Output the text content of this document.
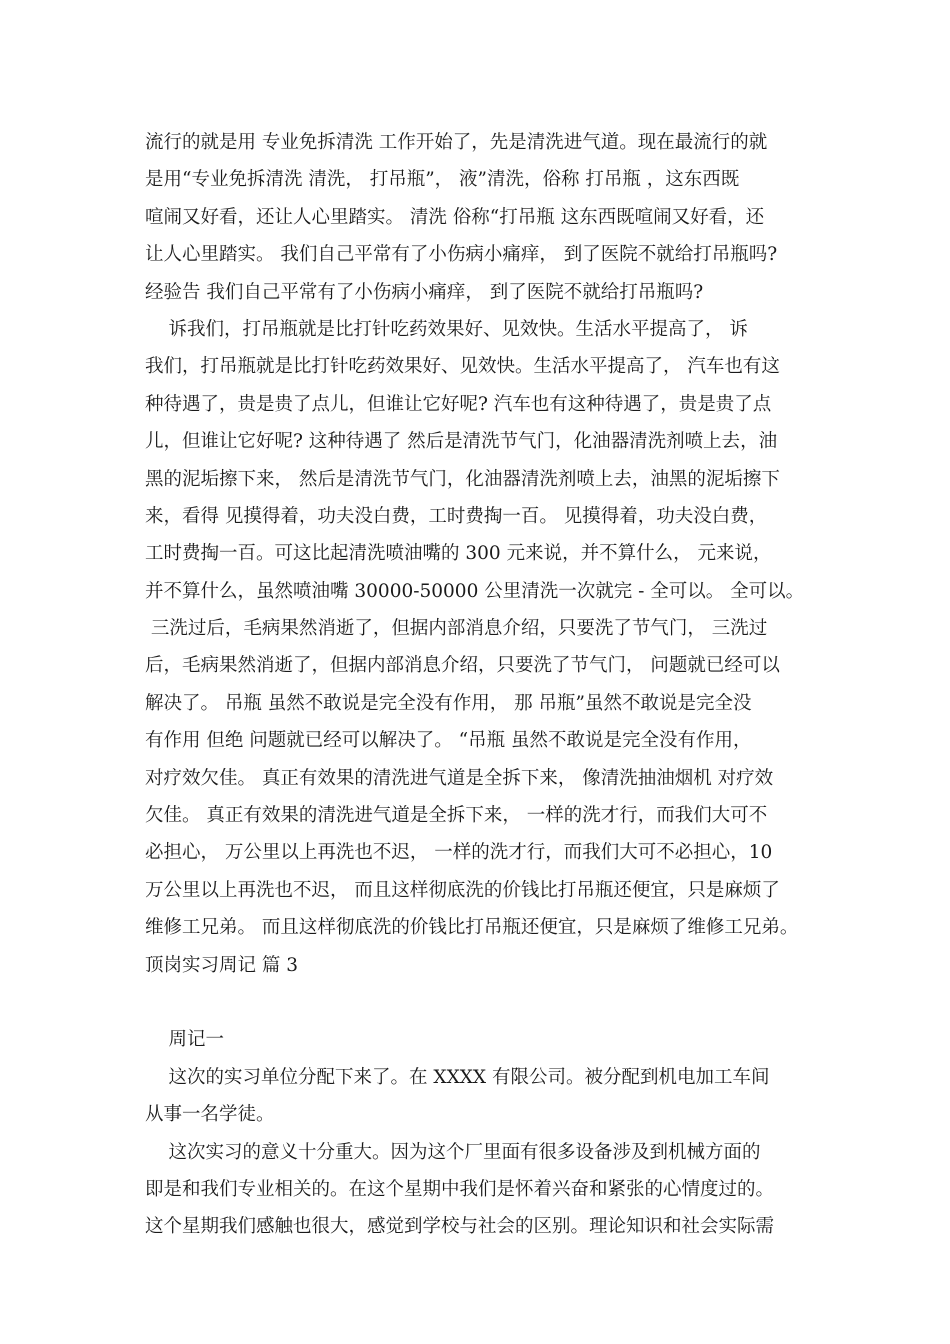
流行的就是用 专业免拆清洗 工作开始了，先是清洗进气道。现在最流行的就
是用“专业免拆清洗 清洗， 打吊瓶”， 液”清洗，俗称 打吊瓶 ，这东西既
喧闹又好看，还让人心里踏实。 清洗 俗称“打吊瓶 这东西既喧闹又好看，还
让人心里踏实。 我们自己平常有了小伤病小痛痒， 到了医院不就给打吊瓶吗?
经验告 我们自己平常有了小伤病小痛痒， 到了医院不就给打吊瓶吗?
诉我们，打吊瓶就是比打针吃药效果好、见效快。生活水平提高了， 诉
我们，打吊瓶就是比打针吃药效果好、见效快。生活水平提高了， 汽车也有这
种待遇了，贵是贵了点儿，但谁让它好呢? 汽车也有这种待遇了，贵是贵了点
儿，但谁让它好呢? 这种待遇了 然后是清洗节气门，化油器清洗剂喷上去，油
黑的泥垢擦下来， 然后是清洗节气门，化油器清洗剂喷上去，油黑的泥垢擦下
来，看得 见摸得着，功夫没白费，工时费掏一百。 见摸得着，功夫没白费，
工时费掏一百。可这比起清洗喷油嘴的 300 元来说，并不算什么， 元来说，
并不算什么，虽然喷油嘴 30000-50000 公里清洗一次就完 - 全可以。 全可以。
三洗过后，毛病果然消逝了，但据内部消息介绍，只要洗了节气门， 三洗过
后，毛病果然消逝了，但据内部消息介绍，只要洗了节气门， 问题就已经可以
解决了。 吊瓶 虽然不敢说是完全没有作用， 那 吊瓶”虽然不敢说是完全没
有作用 但绝 问题就已经可以解决了。 “吊瓶 虽然不敢说是完全没有作用，
对疗效欠佳。 真正有效果的清洗进气道是全拆下来， 像清洗抽油烟机 对疗效
欠佳。 真正有效果的清洗进气道是全拆下来， 一样的洗才行，而我们大可不
必担心， 万公里以上再洗也不迟， 一样的洗才行，而我们大可不必担心，10
万公里以上再洗也不迟， 而且这样彻底洗的价钱比打吊瓶还便宜，只是麻烦了
维修工兄弟。 而且这样彻底洗的价钱比打吊瓶还便宜，只是麻烦了维修工兄弟。
顶岗实习周记 篇 3
周记一
这次的实习单位分配下来了。在 XXXX 有限公司。被分配到机电加工车间
从事一名学徒。
这次实习的意义十分重大。因为这个厂里面有很多设备涉及到机械方面的
即是和我们专业相关的。在这个星期中我们是怀着兴奋和紧张的心情度过的。
这个星期我们感触也很大，感觉到学校与社会的区别。理论知识和社会实际需
